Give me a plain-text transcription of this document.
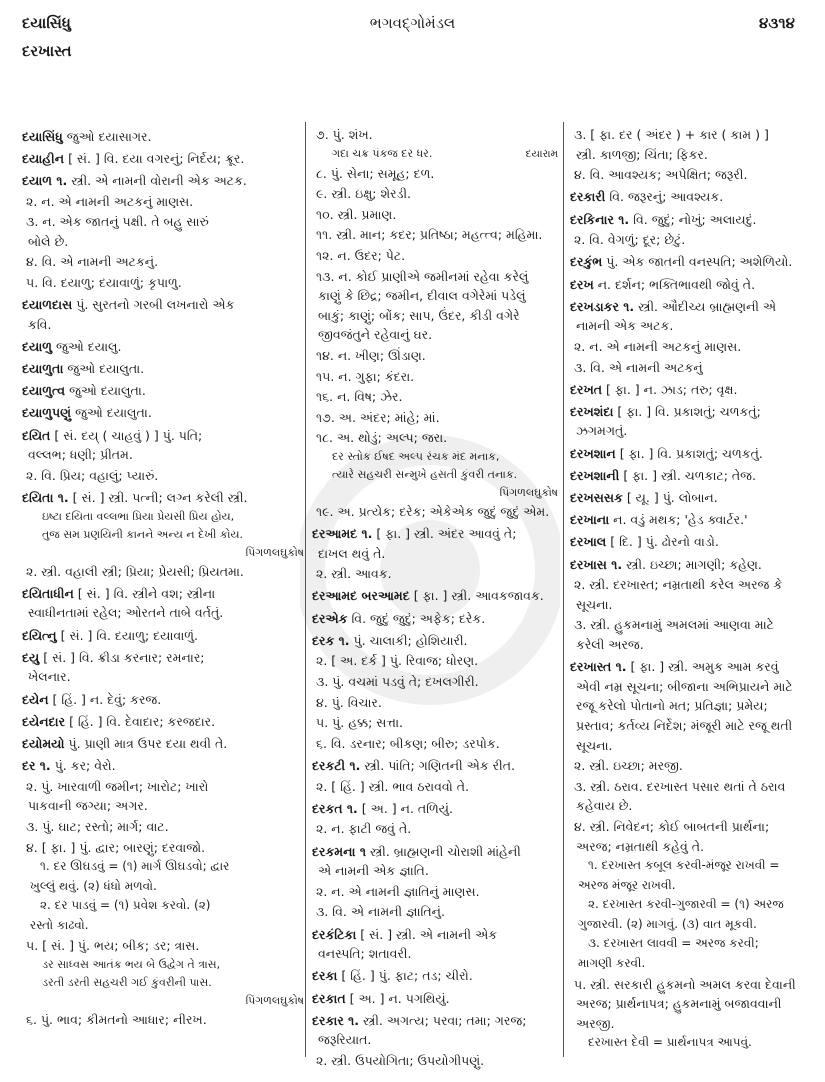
દયાસિંધુ
દરખાસ્ત
ભગવદ્ગોમંડલ	૪૩૧૪
દયાસિંધુ જુઓ દયાસાગર.
દયાહીન [ સં. ] વિ. દયા વગરનું; નિર્દય; ક્રૂર.
દયાળ ૧. સ્ત્રી. એ નામની વોરાની એક અટક.
૨. ન. એ નામની અટકનું માણસ.
૩. ન. એક જાતનું પક્ષી. તે બહુ સારું
બોલે છે.
૪. વિ. એ નામની અટકનું.
૫. વિ. દયાળુ; દયાવાળું; કૃપાળુ.
દયાળદાસ પું. સુરતનો ગરબી લખનારો એક
કવિ.
દયાળુ જુઓ દયાલુ.
દયાળુતા જુઓ દયાલુતા.
દયાળુત્વ જુઓ દયાલુતા.
દયાળુપણું જુઓ દયાલુતા.
દયિત [ સં. દય્ ( ચાહવું ) ] પું. પતિ;
વલ્લભ; ધણી; પ્રીતમ.
૨. વિ. પ્રિય; વહાલું; પ્યારું.
દયિતા ૧. [ સં. ] સ્ત્રી. પત્ની; લગ્ન કરેલી સ્ત્રી.
ઇષ્ટા દયિતા વલ્લભા પ્રિયા પ્રેયસી પ્રિય હોય,
તુજ સમ પ્રણયિની કાનને અન્ય ન દેખી કોય.
પિંગળલઘુકોષ
૨. સ્ત્રી. વહાલી સ્ત્રી; પ્રિયા; પ્રેયસી; પ્રિયતમા.
દયિતાધીન [ સં. ] વિ. સ્ત્રીને વશ; સ્ત્રીના
સ્વાધીનતામાં રહેલ; ઓરતને તાબે વર્તતું.
દયિત્નુ [ સં. ] વિ. દયાળુ; દયાવાળું.
દયુ [ સં. ] વિ. ક્રીડા કરનાર; રમનાર;
ખેલનાર.
દયેન [ હિં. ] ન. દેવું; કરજ.
દયેનદાર [ હિં. ] વિ. દેવાદાર; કરજદાર.
દયોમયો પું. પ્રાણી માત્ર ઉપર દયા થવી તે.
દર ૧. પું. કર; વેરો.
૨. પું. ખારવાળી જમીન; ખારોટ; ખારો
પાકવાની જગ્યા; અગર.
૩. પું. ઘાટ; રસ્તો; માર્ગ; વાટ.
૪. [ ફા. ] પું. દ્વાર; બારણું; દરવાજો.
૧. દર ઊઘડવું = (૧) માર્ગ ઊઘડવો; દ્વાર
ખુલ્લું થવું. (૨) ધંધો મળવો.
૨. દર પાડવું = (૧) પ્રવેશ કરવો. (૨)
રસ્તો કાઢવો.
૫. [ સં. ] પું. ભય; બીક; ડર; ત્રાસ.
ડર સાધ્વસ આતંક ભય બે ઉદ્વેગ તે ત્રાસ,
ડરતી ડરતી સહચરી ગઈ કુંવરીની પાસ.
પિંગળલઘુકોષ
૬. પું. ભાવ; કીમતનો આધાર; નીરખ.
૭. પું. શંખ.
દયારામ
ગદા ચક્ર પંકજ દર ધર.
૮. પું. સેના; સમૂહ; દળ.
૯. સ્ત્રી. ઇક્ષુ; શેરડી.
૧૦. સ્ત્રી. પ્રમાણ.
૧૧. સ્ત્રી. માન; કદર; પ્રતિષ્ઠા; મહત્ત્વ; મહિમા.
૧૨. ન. ઉદર; પેટ.
૧૩. ન. કોઈ પ્રાણીએ જમીનમાં રહેવા કરેલું
કાણું કે છિદ્ર; જમીન, દીવાલ વગેરેમાં પડેલું
બાકું; કાણું; બોંક; સાપ, ઉંદર, કીડી વગેરે
જીવજંતુને રહેવાનું ઘર.
૧૪. ન. ખીણ; ઊંડાણ.
૧૫. ન. ગુફા; કંદરા.
૧૬. ન. વિષ; ઝેર.
૧૭. અ. અંદર; માંહે; માં.
૧૮. અ. થોડું; અલ્પ; જરા.
દર સ્તોક ઈષદ અલ્પ રંચક મંદ મનાક,
ત્યારે સહચરી સન્મુખે હસતી કુંવરી તનાક.
પિંગળલઘુકોષ
૧૯. અ. પ્રત્યેક; દરેક; એકેએક જુદું જુદું એમ.
દરઆમદ ૧. [ ફા. ] સ્ત્રી. અંદર આવવું તે;
દાખલ થવું તે.
૨. સ્ત્રી. આવક.
દરઆમદ બરઆમદ [ ફા. ] સ્ત્રી. આવકજાવક.
દરએક વિ. જુદું જુદું; અફેક; દરેક.
દરક ૧. પું. ચાલાકી; હોશિયારી.
૨. [ અ. દર્ક ] પું. રિવાજ; ધોરણ.
૩. પું. વચમાં પડવું તે; દખલગીરી.
૪. પું. વિચાર.
૫. પું. હક્ક; સત્તા.
૬. વિ. ડરનાર; બીકણ; બીરુ; ડરપોક.
દરકટી ૧. સ્ત્રી. પાંતિ; ગણિતની એક રીત.
૨. [ હિં. ] સ્ત્રી. ભાવ ઠરાવવો તે.
દરકત ૧. [ અ. ] ન. તળિયું.
૨. ન. ફાટી જવું તે.
દરકમના ૧ સ્ત્રી. બ્રાહ્મણની ચોરાશી માંહેની
એ નામની એક જ્ઞાતિ.
૨. ન. એ નામની જ્ઞાતિનું માણસ.
૩. વિ. એ નામની જ્ઞાતિનું.
દરકંટિકા [ સં. ] સ્ત્રી. એ નામની એક
વનસ્પતિ; શતાવરી.
દરકા [ હિં. ] પું. ફાટ; તડ; ચીરો.
દરકાત [ અ. ] ન. પગથિયું.
દરકાર ૧. સ્ત્રી. અગત્ય; પરવા; તમા; ગરજ;
જરૂરિયાત.
૨. સ્ત્રી. ઉપયોગિતા; ઉપયોગીપણું.
૩. [ ફા. દર ( અંદર ) + કાર ( કામ ) ]
સ્ત્રી. કાળજી; ચિંતા; ફિકર.
૪. વિ. આવશ્યક; અપેક્ષિત; જરૂરી.
દરકારી વિ. જરૂરનું; આવશ્યક.
દરકિનાર ૧. વિ. જુદું; નોખું; અલાયદું.
૨. વિ. વેગળું; દૂર; છેટું.
દરકુંભ પું. એક જાતની વનસ્પતિ; અશેળિયો.
દરખ ન. દર્શન; ભક્તિભાવથી જોવું તે.
દરખડાકર ૧. સ્ત્રી. ઔદીચ્ય બ્રાહ્મણની એ
નામની એક અટક.
૨. ન. એ નામની અટકનું માણસ.
૩. વિ. એ નામની અટકનું
દરખત [ ફા. ] ન. ઝાડ; તરુ; વૃક્ષ.
દરખશંદા [ ફા. ] વિ. પ્રકાશતું; ચળકતું;
ઝગમગતું.
દરખશાન [ ફા. ] વિ. પ્રકાશતું; ચળકતું.
દરખશાની [ ફા. ] સ્ત્રી. ચળકાટ; તેજ.
દરખસસક [ યૂ. ] પું. લોબાન.
દરખાના ન. વડું મથક; 'હેડ ક્વાર્ટર.'
દરખાલ [ દિ. ] પું. ઢોરનો વાડો.
દરખાસ ૧. સ્ત્રી. ઇચ્છા; માગણી; કહેણ.
૨. સ્ત્રી. દરખાસ્ત; નમ્રતાથી કરેલ અરજ કે
સૂચના.
૩. સ્ત્રી. હુકમનામું અમલમાં આણવા માટે
કરેલી અરજ.
દરખાસ્ત ૧. [ ફા. ] સ્ત્રી. અમુક આમ કરવું
એવી નમ્ર સૂચના; બીજાના અભિપ્રાયને માટે
રજૂ કરેલો પોતાનો મત; પ્રતિજ્ઞા; પ્રમેય;
પ્રસ્તાવ; કર્તવ્ય નિર્દેશ; મંજૂરી માટે રજૂ થતી
સૂચના.
૨. સ્ત્રી. ઇચ્છા; મરજી.
૩. સ્ત્રી. ઠરાવ. દરખાસ્ત પસાર થતાં તે ઠરાવ
કહેવાય છે.
૪. સ્ત્રી. નિવેદન; કોઈ બાબતની પ્રાર્થના;
અરજ; નમ્રતાથી કહેવું તે.
૧. દરખાસ્ત કબૂલ કરવી-મંજૂર રાખવી =
અરજ મંજૂર રાખવી.
૨. દરખાસ્ત કરવી-ગુજારવી = (૧) અરજ
ગુજારવી. (૨) માગવું. (૩) વાત મૂકવી.
૩. દરખાસ્ત લાવવી = અરજ કરવી;
માગણી કરવી.
૫. સ્ત્રી. સરકારી હુકમનો અમલ કરવા દેવાની
અરજ; પ્રાર્થનાપત્ર; હુકમનામું બજાવવાની
અરજી.
દરખાસ્ત દેવી = પ્રાર્થનાપત્ર આપવું.
